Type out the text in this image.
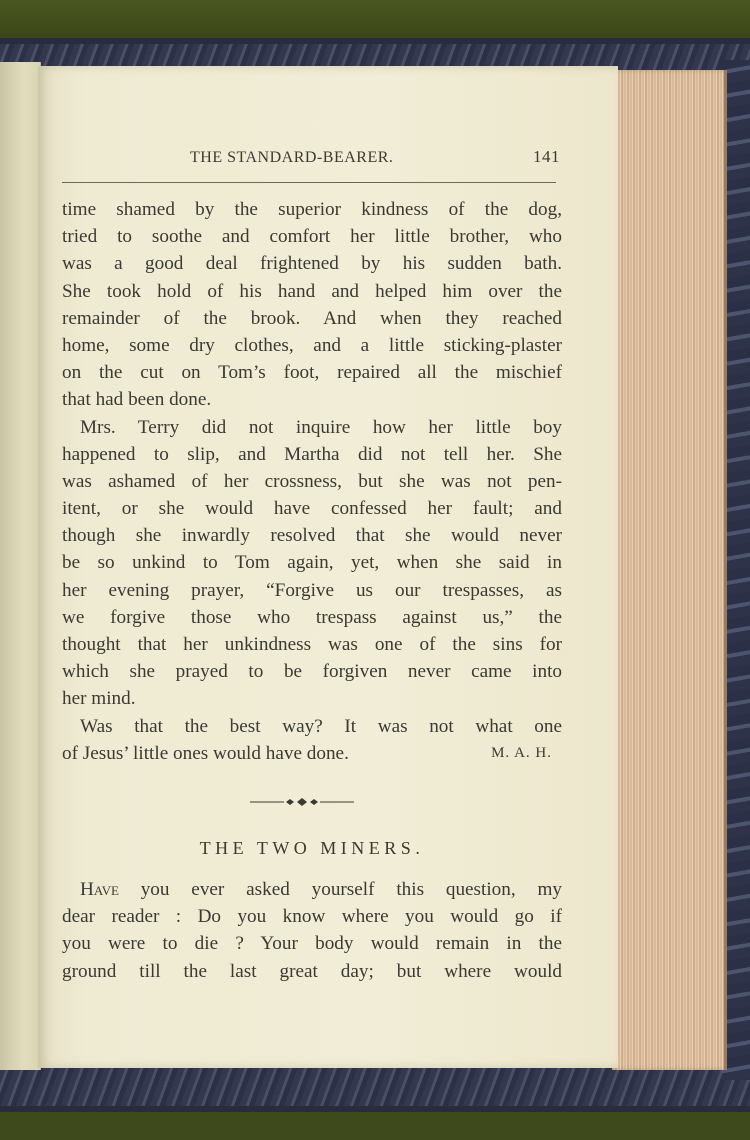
THE STANDARD-BEARER.	141
time shamed by the superior kindness of the dog,
tried to soothe and comfort her little brother, who
was a good deal frightened by his sudden bath.
She took hold of his hand and helped him over the
remainder of the brook. And when they reached
home, some dry clothes, and a little sticking-plaster
on the cut on Tom’s foot, repaired all the mischief
that had been done.
Mrs. Terry did not inquire how her little boy
happened to slip, and Martha did not tell her. She
was ashamed of her crossness, but she was not pen-
itent, or she would have confessed her fault; and
though she inwardly resolved that she would never
be so unkind to Tom again, yet, when she said in
her evening prayer, “Forgive us our trespasses, as
we forgive those who trespass against us,” the
thought that her unkindness was one of the sins for
which she prayed to be forgiven never came into
her mind.
Was that the best way? It was not what one
of Jesus’ little ones would have done.	M. A. H.
THE TWO MINERS.
Have you ever asked yourself this question, my
dear reader : Do you know where you would go if
you were to die ? Your body would remain in the
ground till the last great day; but where would
